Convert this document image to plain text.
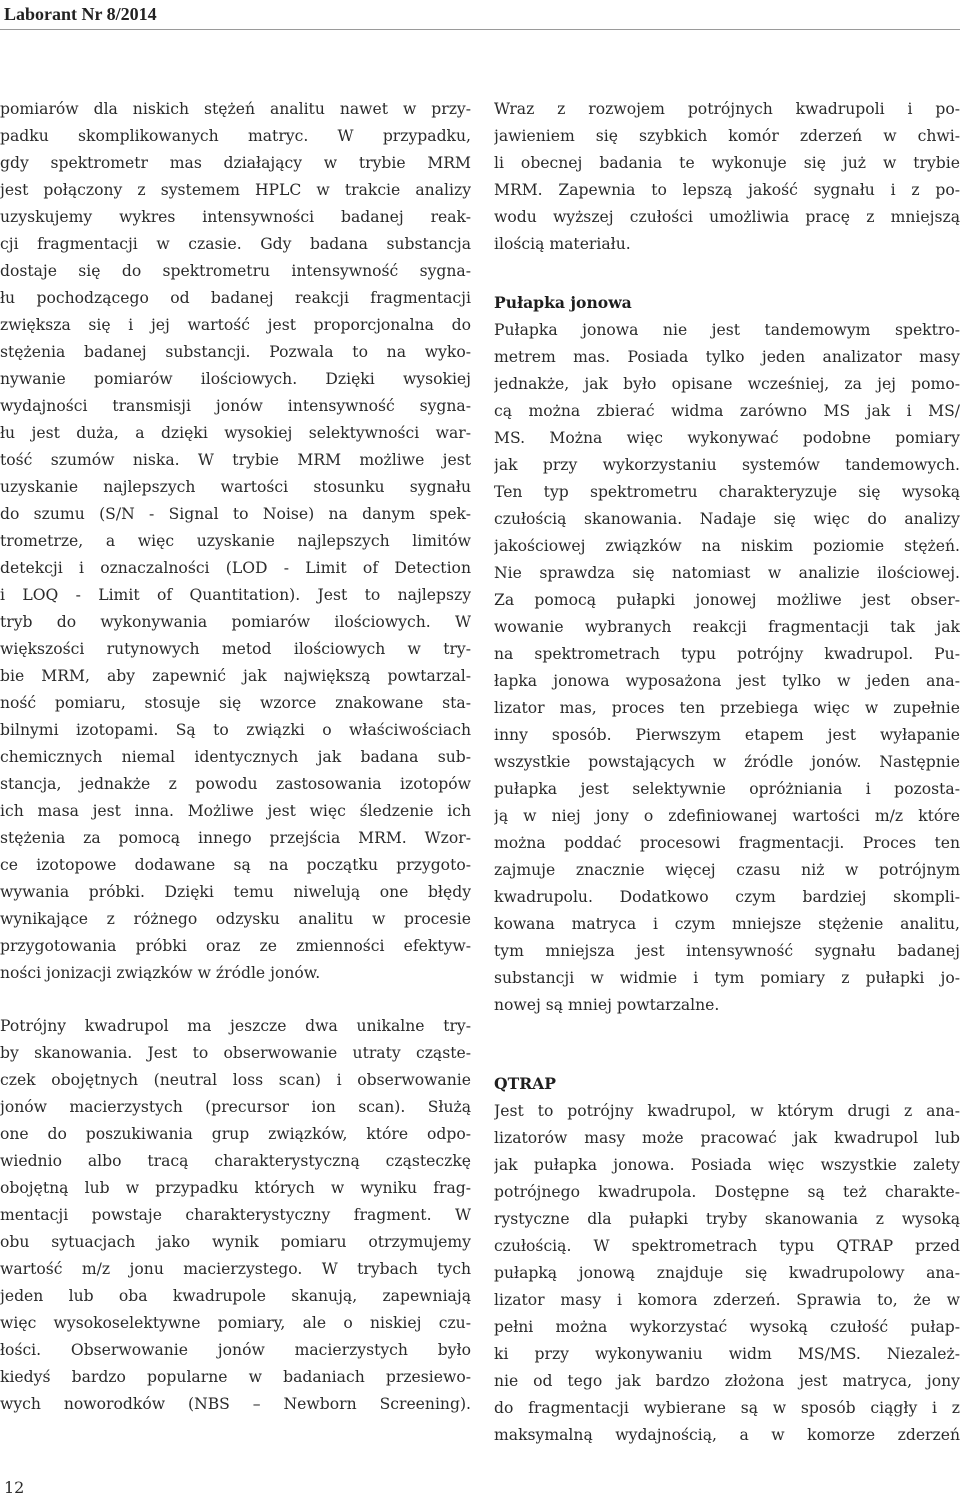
Laborant Nr 8/2014
pomiarów dla niskich stężeń analitu nawet w przy-
padku skomplikowanych matryc. W przypadku,
gdy spektrometr mas działający w trybie MRM
jest połączony z systemem HPLC w trakcie analizy
uzyskujemy wykres intensywności badanej reak-
cji fragmentacji w czasie. Gdy badana substancja
dostaje się do spektrometru intensywność sygna-
łu pochodzącego od badanej reakcji fragmentacji
zwiększa się i jej wartość jest proporcjonalna do
stężenia badanej substancji. Pozwala to na wyko-
nywanie pomiarów ilościowych. Dzięki wysokiej
wydajności transmisji jonów intensywność sygna-
łu jest duża, a dzięki wysokiej selektywności war-
tość szumów niska. W trybie MRM możliwe jest
uzyskanie najlepszych wartości stosunku sygnału
do szumu (S/N - Signal to Noise) na danym spek-
trometrze, a więc uzyskanie najlepszych limitów
detekcji i oznaczalności (LOD - Limit of Detection
i LOQ - Limit of Quantitation). Jest to najlepszy
tryb do wykonywania pomiarów ilościowych. W
większości rutynowych metod ilościowych w try-
bie MRM, aby zapewnić jak największą powtarzal-
ność pomiaru, stosuje się wzorce znakowane sta-
bilnymi izotopami. Są to związki o właściwościach
chemicznych niemal identycznych jak badana sub-
stancja, jednakże z powodu zastosowania izotopów
ich masa jest inna. Możliwe jest więc śledzenie ich
stężenia za pomocą innego przejścia MRM. Wzor-
ce izotopowe dodawane są na początku przygoto-
wywania próbki. Dzięki temu niwelują one błędy
wynikające z różnego odzysku analitu w procesie
przygotowania próbki oraz ze zmienności efektyw-
ności jonizacji związków w źródle jonów.
Potrójny kwadrupol ma jeszcze dwa unikalne try-
by skanowania. Jest to obserwowanie utraty cząste-
czek obojętnych (neutral loss scan) i obserwowanie
jonów macierzystych (precursor ion scan). Służą
one do poszukiwania grup związków, które odpo-
wiednio albo tracą charakterystyczną cząsteczkę
obojętną lub w przypadku których w wyniku frag-
mentacji powstaje charakterystyczny fragment. W
obu sytuacjach jako wynik pomiaru otrzymujemy
wartość m/z jonu macierzystego. W trybach tych
jeden lub oba kwadrupole skanują, zapewniają
więc wysokoselektywne pomiary, ale o niskiej czu-
łości. Obserwowanie jonów macierzystych było
kiedyś bardzo popularne w badaniach przesiewo-
wych noworodków (NBS – Newborn Screening).
Wraz z rozwojem potrójnych kwadrupoli i po-
jawieniem się szybkich komór zderzeń w chwi-
li obecnej badania te wykonuje się już w trybie
MRM. Zapewnia to lepszą jakość sygnału i z po-
wodu wyższej czułości umożliwia pracę z mniejszą
ilością materiału.
Pułapka jonowa
Pułapka jonowa nie jest tandemowym spektro-
metrem mas. Posiada tylko jeden analizator masy
jednakże, jak było opisane wcześniej, za jej pomo-
cą można zbierać widma zarówno MS jak i MS/
MS. Można więc wykonywać podobne pomiary
jak przy wykorzystaniu systemów tandemowych.
Ten typ spektrometru charakteryzuje się wysoką
czułością skanowania. Nadaje się więc do analizy
jakościowej związków na niskim poziomie stężeń.
Nie sprawdza się natomiast w analizie ilościowej.
Za pomocą pułapki jonowej możliwe jest obser-
wowanie wybranych reakcji fragmentacji tak jak
na spektrometrach typu potrójny kwadrupol. Pu-
łapka jonowa wyposażona jest tylko w jeden ana-
lizator mas, proces ten przebiega więc w zupełnie
inny sposób. Pierwszym etapem jest wyłapanie
wszystkie powstających w źródle jonów. Następnie
pułapka jest selektywnie opróżniania i pozosta-
ją w niej jony o zdefiniowanej wartości m/z które
można poddać procesowi fragmentacji. Proces ten
zajmuje znacznie więcej czasu niż w potrójnym
kwadrupolu. Dodatkowo czym bardziej skompli-
kowana matryca i czym mniejsze stężenie analitu,
tym mniejsza jest intensywność sygnału badanej
substancji w widmie i tym pomiary z pułapki jo-
nowej są mniej powtarzalne.
QTRAP
Jest to potrójny kwadrupol, w którym drugi z ana-
lizatorów masy może pracować jak kwadrupol lub
jak pułapka jonowa. Posiada więc wszystkie zalety
potrójnego kwadrupola. Dostępne są też charakte-
rystyczne dla pułapki tryby skanowania z wysoką
czułością. W spektrometrach typu QTRAP przed
pułapką jonową znajduje się kwadrupolowy ana-
lizator masy i komora zderzeń. Sprawia to, że w
pełni można wykorzystać wysoką czułość pułap-
ki przy wykonywaniu widm MS/MS. Niezależ-
nie od tego jak bardzo złożona jest matryca, jony
do fragmentacji wybierane są w sposób ciągły i z
maksymalną wydajnością, a w komorze zderzeń
12
